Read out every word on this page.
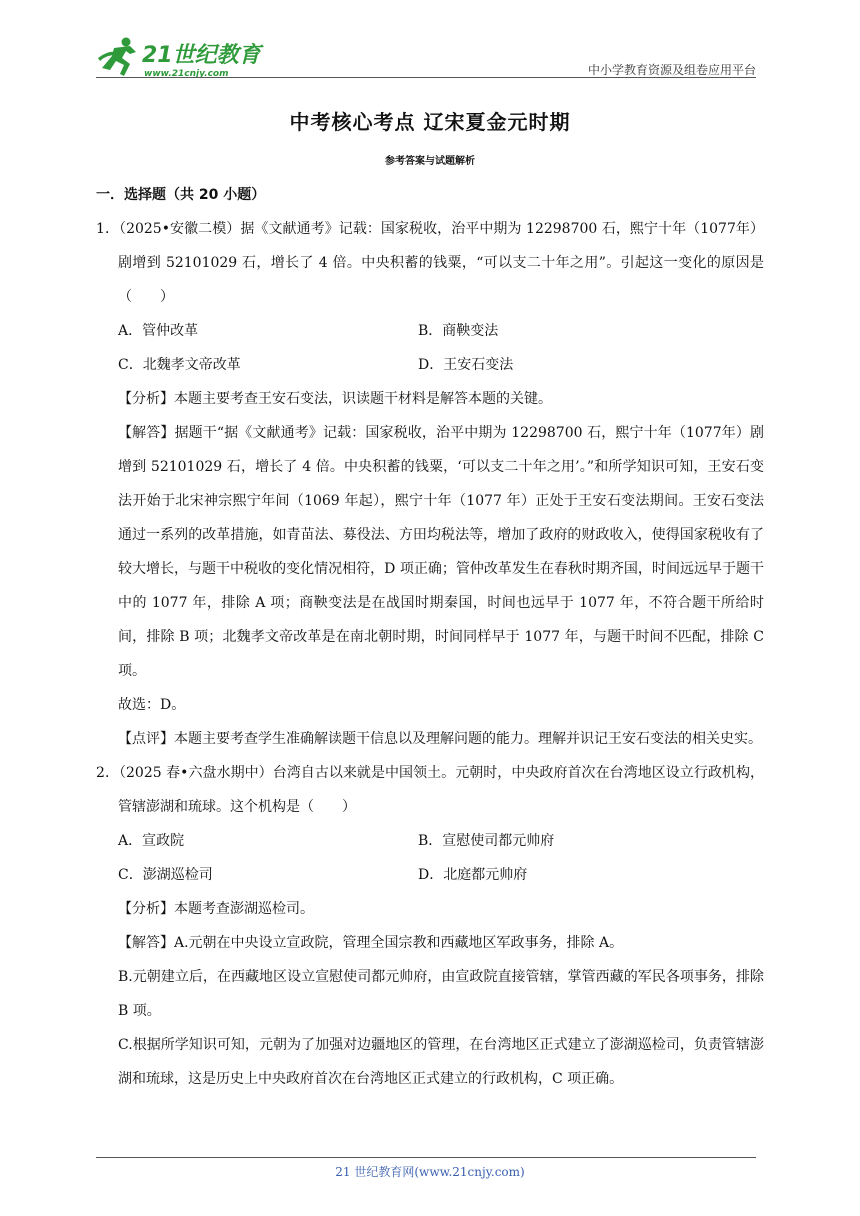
21世纪教育
www.21cnjy.com	中小学教育资源及组卷应用平台
中考核心考点 辽宋夏金元时期
参考答案与试题解析

一．选择题（共 20 小题）

1．（2025•安徽二模）据《文献通考》记载：国家税收，治平中期为 12298700 石，熙宁十年（1077年）剧增到 52101029 石，增长了 4 倍。中央积蓄的钱粟，“可以支二十年之用”。引起这一变化的原因是（　　）

A．管仲改革	B．商鞅变法
C．北魏孝文帝改革	D．王安石变法

【分析】本题主要考查王安石变法，识读题干材料是解答本题的关键。

【解答】据题干“据《文献通考》记载：国家税收，治平中期为 12298700 石，熙宁十年（1077年）剧增到 52101029 石，增长了 4 倍。中央积蓄的钱粟，‘可以支二十年之用’。”和所学知识可知，王安石变法开始于北宋神宗熙宁年间（1069 年起），熙宁十年（1077 年）正处于王安石变法期间。王安石变法通过一系列的改革措施，如青苗法、募役法、方田均税法等，增加了政府的财政收入，使得国家税收有了较大增长，与题干中税收的变化情况相符，D 项正确；管仲改革发生在春秋时期齐国，时间远远早于题干中的 1077 年，排除 A 项；商鞅变法是在战国时期秦国，时间也远早于 1077 年，不符合题干所给时间，排除 B 项；北魏孝文帝改革是在南北朝时期，时间同样早于 1077 年，与题干时间不匹配，排除 C 项。

故选：D。

【点评】本题主要考查学生准确解读题干信息以及理解问题的能力。理解并识记王安石变法的相关史实。

2．（2025 春•六盘水期中）台湾自古以来就是中国领土。元朝时，中央政府首次在台湾地区设立行政机构，管辖澎湖和琉球。这个机构是（　　）

A．宣政院	B．宣慰使司都元帅府
C．澎湖巡检司	D．北庭都元帅府

【分析】本题考查澎湖巡检司。

【解答】A.元朝在中央设立宣政院，管理全国宗教和西藏地区军政事务，排除 A。

B.元朝建立后，在西藏地区设立宣慰使司都元帅府，由宣政院直接管辖，掌管西藏的军民各项事务，排除 B 项。

C.根据所学知识可知，元朝为了加强对边疆地区的管理，在台湾地区正式建立了澎湖巡检司，负责管辖澎湖和琉球，这是历史上中央政府首次在台湾地区正式建立的行政机构，C 项正确。

21 世纪教育网(www.21cnjy.com)
